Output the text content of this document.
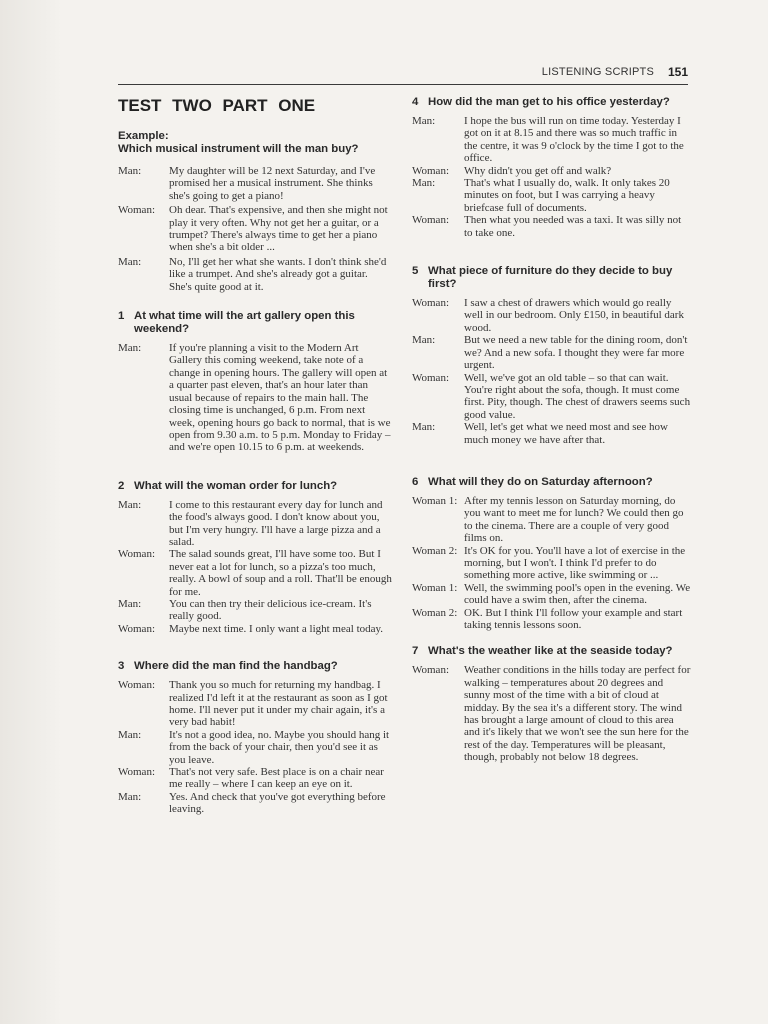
LISTENING SCRIPTS 151
TEST TWO PART ONE
Example:
Which musical instrument will the man buy?
Man:	My daughter will be 12 next Saturday, and I've promised her a musical instrument. She thinks she's going to get a piano!
Woman:	Oh dear. That's expensive, and then she might not play it very often. Why not get her a guitar, or a trumpet? There's always time to get her a piano when she's a bit older ...
Man:	No, I'll get her what she wants. I don't think she'd like a trumpet. And she's already got a guitar. She's quite good at it.
1 At what time will the art gallery open this weekend?
Man:	If you're planning a visit to the Modern Art Gallery this coming weekend, take note of a change in opening hours. The gallery will open at a quarter past eleven, that's an hour later than usual because of repairs to the main hall. The closing time is unchanged, 6 p.m. From next week, opening hours go back to normal, that is we open from 9.30 a.m. to 5 p.m. Monday to Friday – and we're open 10.15 to 6 p.m. at weekends.
2 What will the woman order for lunch?
Man:	I come to this restaurant every day for lunch and the food's always good. I don't know about you, but I'm very hungry. I'll have a large pizza and a salad.
Woman:	The salad sounds great, I'll have some too. But I never eat a lot for lunch, so a pizza's too much, really. A bowl of soup and a roll. That'll be enough for me.
Man:	You can then try their delicious ice-cream. It's really good.
Woman:	Maybe next time. I only want a light meal today.
3 Where did the man find the handbag?
Woman:	Thank you so much for returning my handbag. I realized I'd left it at the restaurant as soon as I got home. I'll never put it under my chair again, it's a very bad habit!
Man:	It's not a good idea, no. Maybe you should hang it from the back of your chair, then you'd see it as you leave.
Woman:	That's not very safe. Best place is on a chair near me really – where I can keep an eye on it.
Man:	Yes. And check that you've got everything before leaving.
4 How did the man get to his office yesterday?
Man:	I hope the bus will run on time today. Yesterday I got on it at 8.15 and there was so much traffic in the centre, it was 9 o'clock by the time I got to the office.
Woman:	Why didn't you get off and walk?
Man:	That's what I usually do, walk. It only takes 20 minutes on foot, but I was carrying a heavy briefcase full of documents.
Woman:	Then what you needed was a taxi. It was silly not to take one.
5 What piece of furniture do they decide to buy first?
Woman:	I saw a chest of drawers which would go really well in our bedroom. Only £150, in beautiful dark wood.
Man:	But we need a new table for the dining room, don't we? And a new sofa. I thought they were far more urgent.
Woman:	Well, we've got an old table – so that can wait. You're right about the sofa, though. It must come first. Pity, though. The chest of drawers seems such good value.
Man:	Well, let's get what we need most and see how much money we have after that.
6 What will they do on Saturday afternoon?
Woman 1: After my tennis lesson on Saturday morning, do you want to meet me for lunch? We could then go to the cinema. There are a couple of very good films on.
Woman 2: It's OK for you. You'll have a lot of exercise in the morning, but I won't. I think I'd prefer to do something more active, like swimming or ...
Woman 1: Well, the swimming pool's open in the evening. We could have a swim then, after the cinema.
Woman 2: OK. But I think I'll follow your example and start taking tennis lessons soon.
7 What's the weather like at the seaside today?
Woman:	Weather conditions in the hills today are perfect for walking – temperatures about 20 degrees and sunny most of the time with a bit of cloud at midday. By the sea it's a different story. The wind has brought a large amount of cloud to this area and it's likely that we won't see the sun here for the rest of the day. Temperatures will be pleasant, though, probably not below 18 degrees.
